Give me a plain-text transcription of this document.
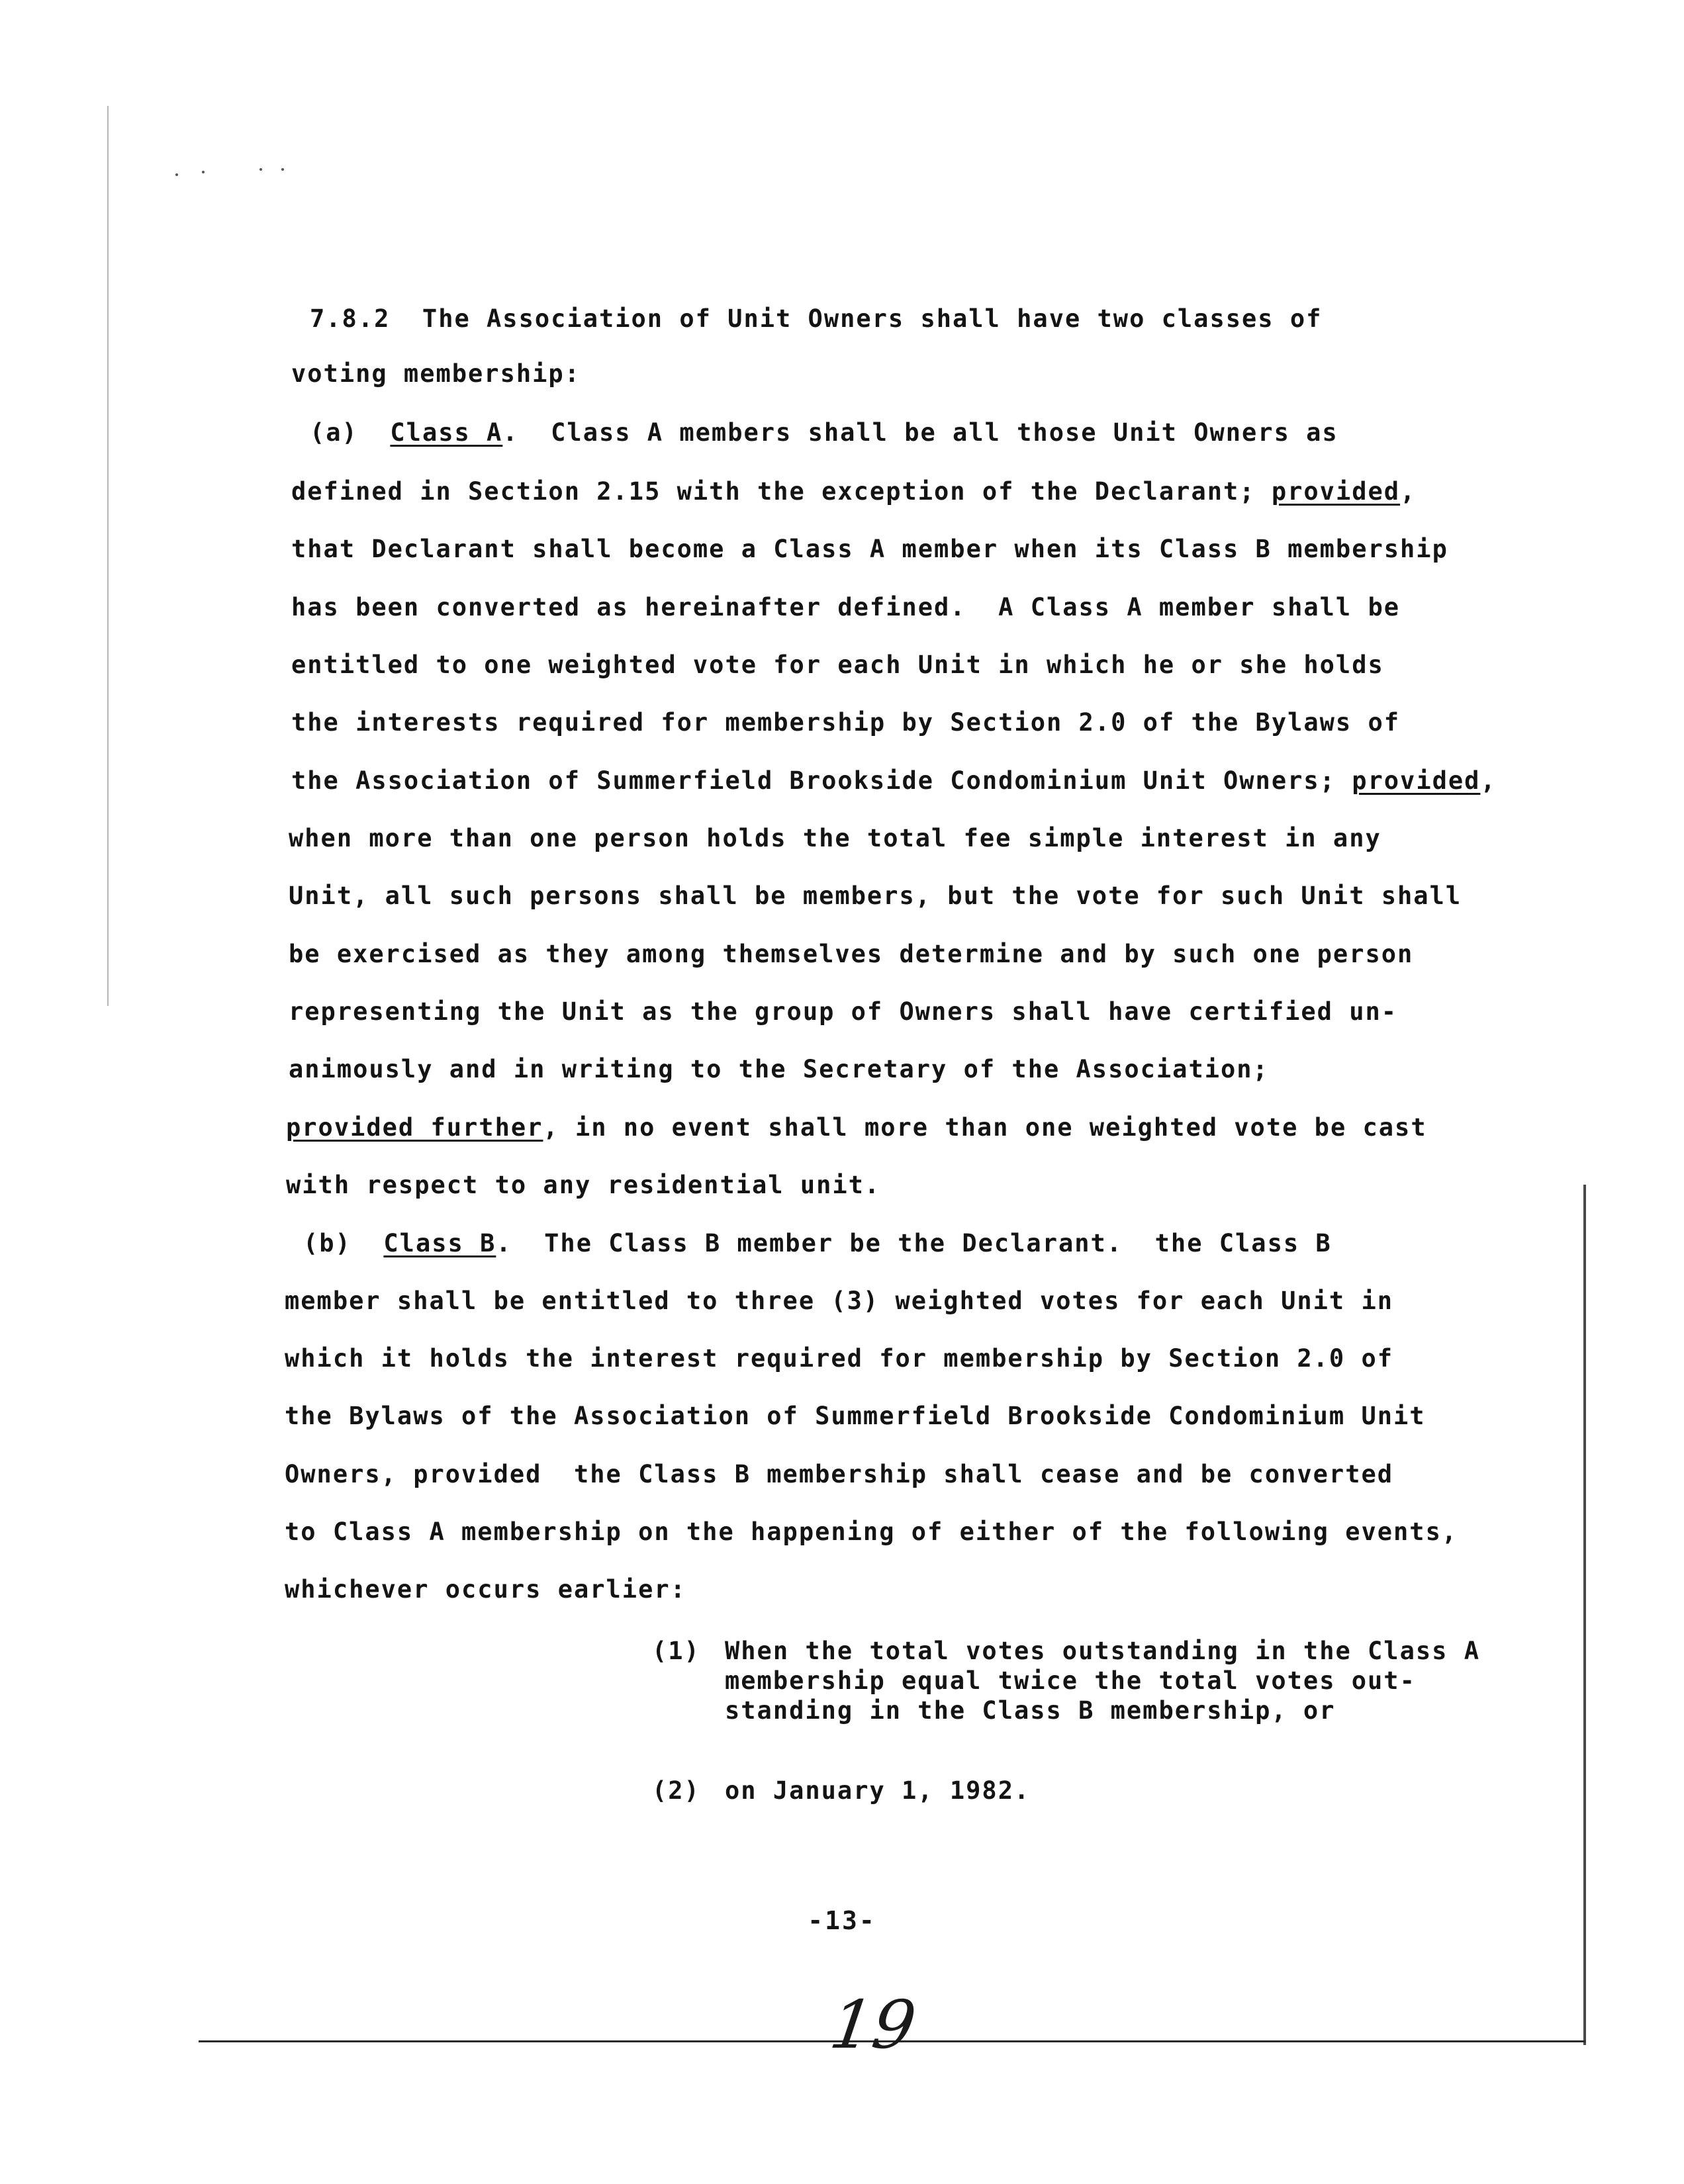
7.8.2  The Association of Unit Owners shall have two classes of
voting membership:
(a)  Class A.  Class A members shall be all those Unit Owners as
defined in Section 2.15 with the exception of the Declarant; provided,
that Declarant shall become a Class A member when its Class B membership
has been converted as hereinafter defined.  A Class A member shall be
entitled to one weighted vote for each Unit in which he or she holds
the interests required for membership by Section 2.0 of the Bylaws of
the Association of Summerfield Brookside Condominium Unit Owners; provided,
when more than one person holds the total fee simple interest in any
Unit, all such persons shall be members, but the vote for such Unit shall
be exercised as they among themselves determine and by such one person
representing the Unit as the group of Owners shall have certified un-
animously and in writing to the Secretary of the Association;
provided further, in no event shall more than one weighted vote be cast
with respect to any residential unit.
(b)  Class B.  The Class B member be the Declarant.  the Class B
member shall be entitled to three (3) weighted votes for each Unit in
which it holds the interest required for membership by Section 2.0 of
the Bylaws of the Association of Summerfield Brookside Condominium Unit
Owners, provided  the Class B membership shall cease and be converted
to Class A membership on the happening of either of the following events,
whichever occurs earlier:
(1) When the total votes outstanding in the Class A
membership equal twice the total votes out-
standing in the Class B membership, or
(2) on January 1, 1982.
-13-
19
